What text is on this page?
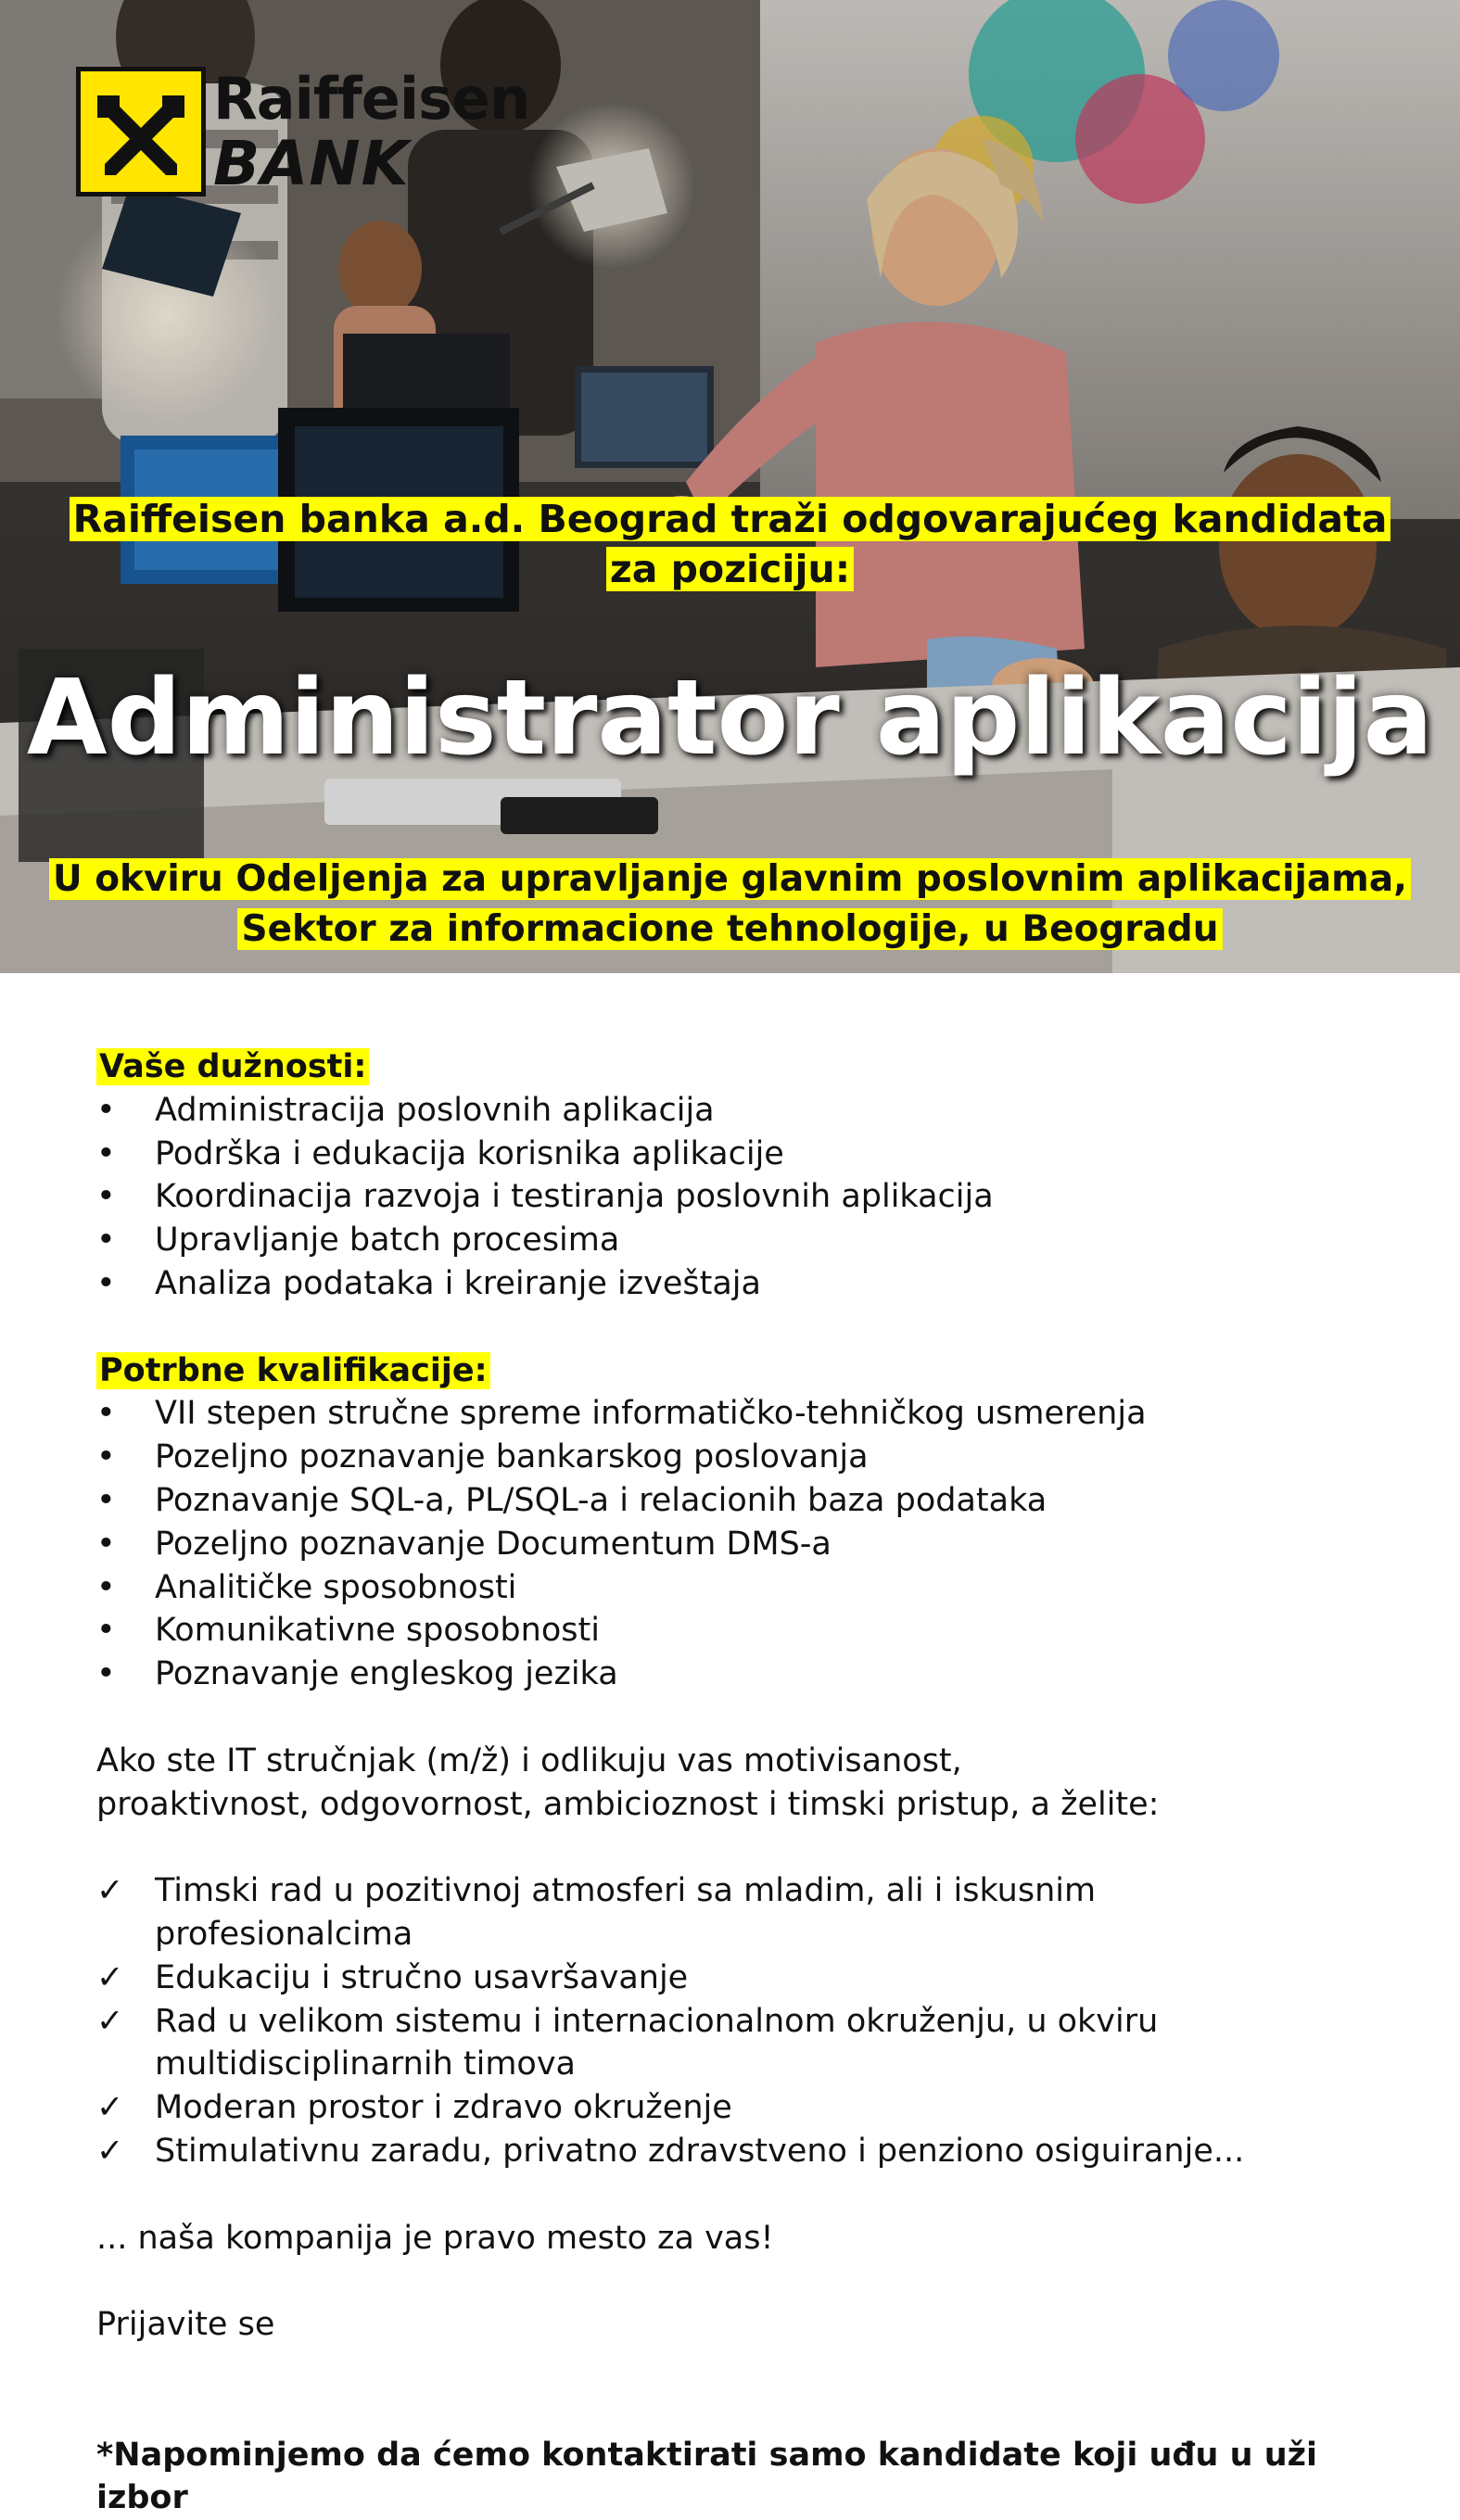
Raiffeisen
BANK
Raiffeisen banka a.d. Beograd traži odgovarajućeg kandidata za poziciju:
Administrator aplikacija
U okviru Odeljenja za upravljanje glavnim poslovnim aplikacijama, Sektor za informacione tehnologije, u Beogradu

Vaše dužnosti:

•	Administracija poslovnih aplikacija
•	Podrška i edukacija korisnika aplikacije
•	Koordinacija razvoja i testiranja poslovnih aplikacija
•	Upravljanje batch procesima
•	Analiza podataka i kreiranje izveštaja

Potrbne kvalifikacije:

•	VII stepen stručne spreme informatičko-tehničkog usmerenja
•	Pozeljno poznavanje bankarskog poslovanja
•	Poznavanje SQL-a, PL/SQL-a i relacionih baza podataka
•	Pozeljno poznavanje Documentum DMS-a
•	Analitičke sposobnosti
•	Komunikativne sposobnosti
•	Poznavanje engleskog jezika

Ako ste IT stručnjak (m/ž) i odlikuju vas motivisanost,

proaktivnost, odgovornost, ambicioznost i timski pristup, a želite:

✓ Timski rad u pozitivnoj atmosferi sa mladim, ali i iskusnim profesionalcima
✓ Edukaciju i stručno usavršavanje
✓ Rad u velikom sistemu i internacionalnom okruženju, u okviru multidisciplinarnih timova
✓ Moderan prostor i zdravo okruženje
✓ Stimulativnu zaradu, privatno zdravstveno i penziono osiguiranje...

... naša kompanija je pravo mesto za vas!

Prijavite se

*Napominjemo da ćemo kontaktirati samo kandidate koji uđu u uži izbor
